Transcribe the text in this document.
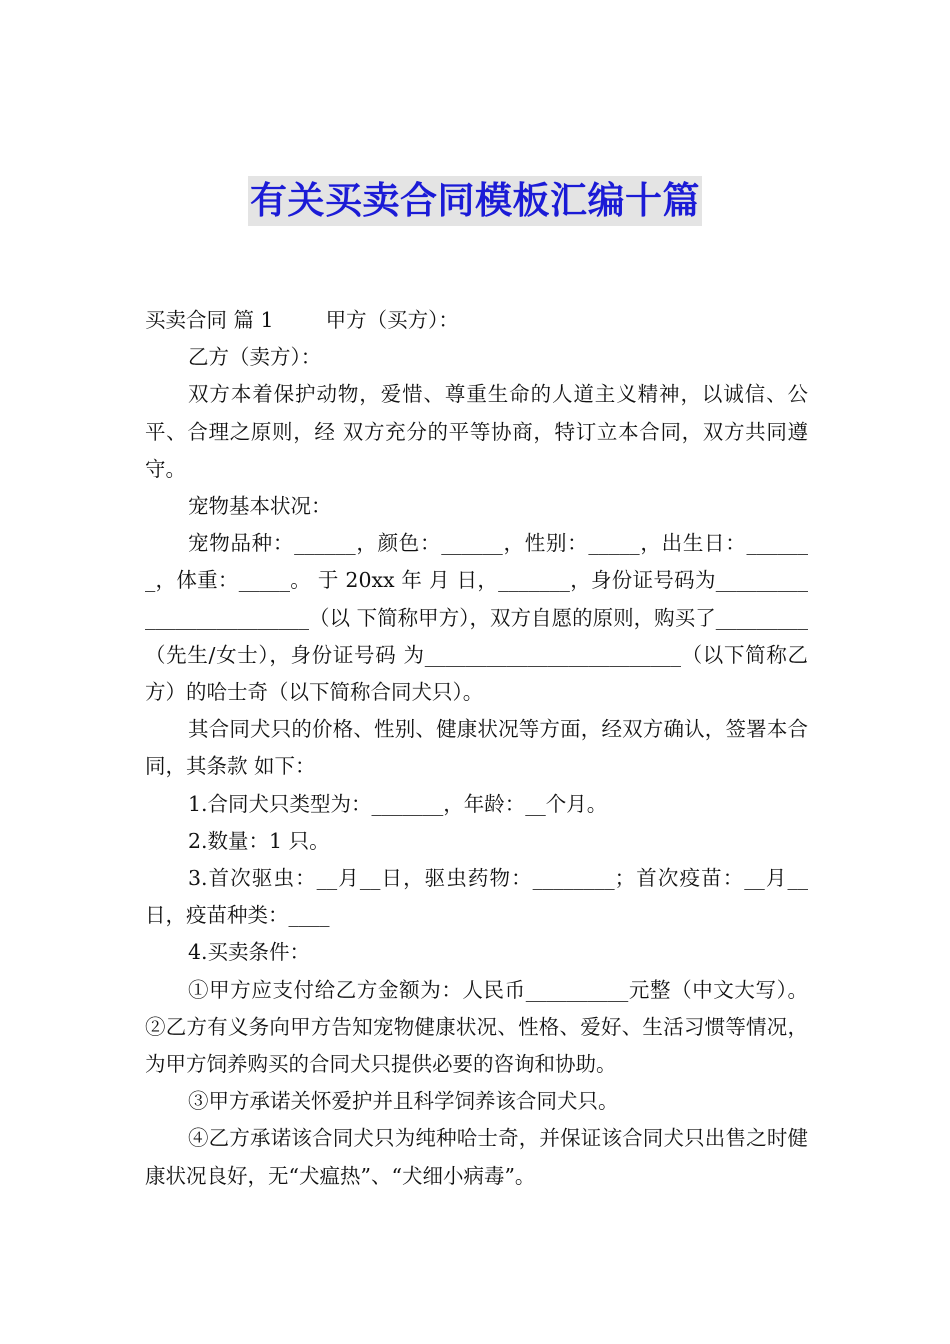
有关买卖合同模板汇编十篇

买卖合同 篇 1	甲方（买方）：

乙方（卖方）：

双方本着保护动物，爱惜、尊重生命的人道主义精神，以诚信、公平、合理之原则，经 双方充分的平等协商，特订立本合同，双方共同遵守。

宠物基本状况：

宠物品种：______，颜色：______，性别：_____，出生日：_______，体重：_____。 于 20xx 年 月 日，_______，身份证号码为_________________________（以 下简称甲方），双方自愿的原则，购买了_________（先生/女士），身份证号码 为_________________________（以下简称乙方）的哈士奇（以下简称合同犬只）。

其合同犬只的价格、性别、健康状况等方面，经双方确认，签署本合同，其条款 如下：

1.合同犬只类型为：_______，年龄：__个月。

2.数量：1 只。

3.首次驱虫：__月__日，驱虫药物：________；首次疫苗：__月__日，疫苗种类：____

4.买卖条件：

①甲方应支付给乙方金额为：人民币__________元整（中文大写）。 ②乙方有义务向甲方告知宠物健康状况、性格、爱好、生活习惯等情况，为甲方饲养购买的合同犬只提供必要的咨询和协助。

③甲方承诺关怀爱护并且科学饲养该合同犬只。

④乙方承诺该合同犬只为纯种哈士奇，并保证该合同犬只出售之时健康状况良好，无“犬瘟热”、“犬细小病毒”。
